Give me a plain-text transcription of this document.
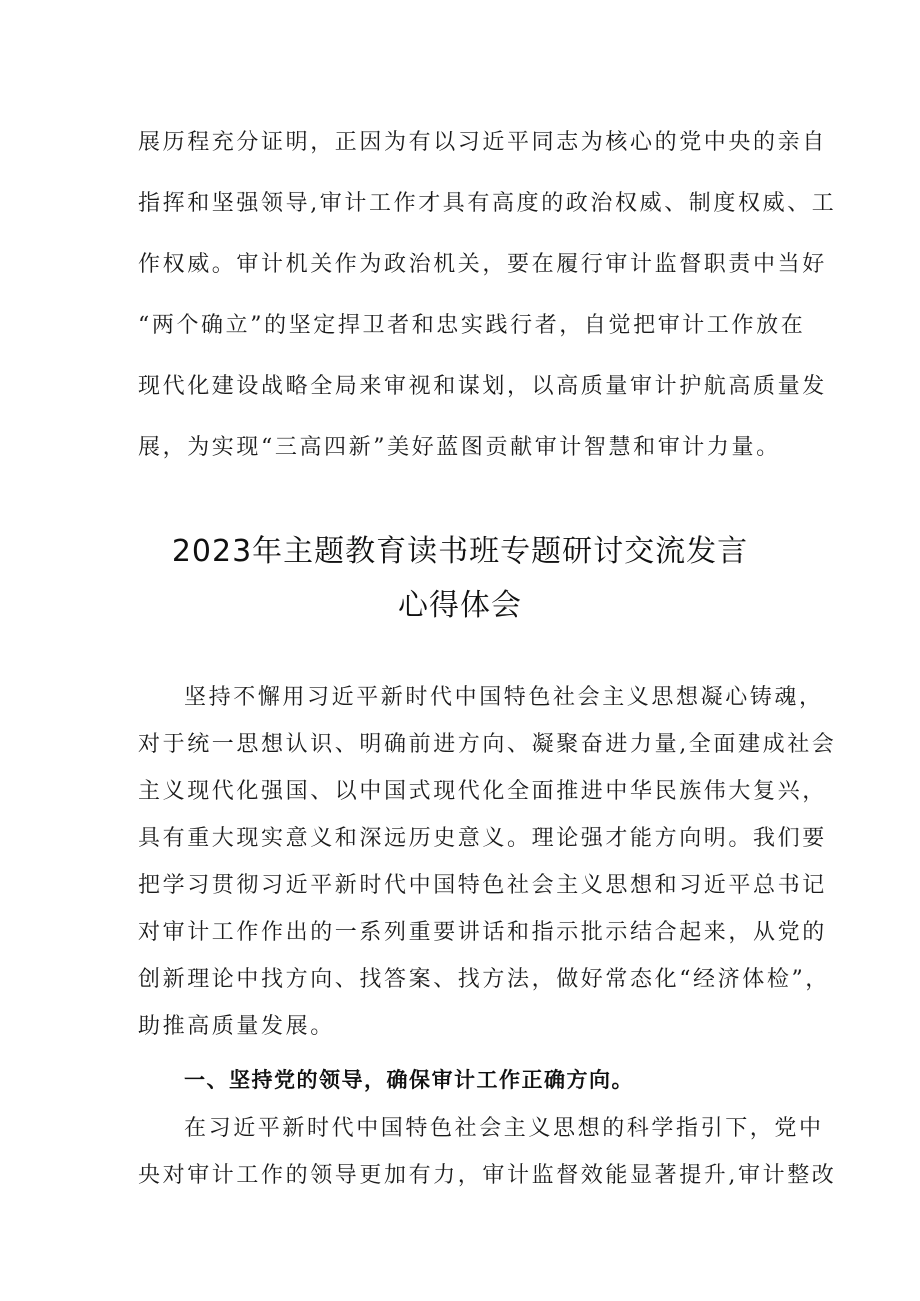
展历程充分证明，正因为有以习近平同志为核心的党中央的亲自
指挥和坚强领导,审计工作才具有高度的政治权威、制度权威、工
作权威。审计机关作为政治机关，要在履行审计监督职责中当好
“两个确立”的坚定捍卫者和忠实践行者，自觉把审计工作放在
现代化建设战略全局来审视和谋划，以高质量审计护航高质量发
展，为实现“三高四新”美好蓝图贡献审计智慧和审计力量。
2023年主题教育读书班专题研讨交流发言
心得体会
坚持不懈用习近平新时代中国特色社会主义思想凝心铸魂，
对于统一思想认识、明确前进方向、凝聚奋进力量,全面建成社会
主义现代化强国、以中国式现代化全面推进中华民族伟大复兴，
具有重大现实意义和深远历史意义。理论强才能方向明。我们要
把学习贯彻习近平新时代中国特色社会主义思想和习近平总书记
对审计工作作出的一系列重要讲话和指示批示结合起来，从党的
创新理论中找方向、找答案、找方法，做好常态化“经济体检”，
助推高质量发展。
一、坚持党的领导，确保审计工作正确方向。
在习近平新时代中国特色社会主义思想的科学指引下，党中
央对审计工作的领导更加有力，审计监督效能显著提升,审计整改
